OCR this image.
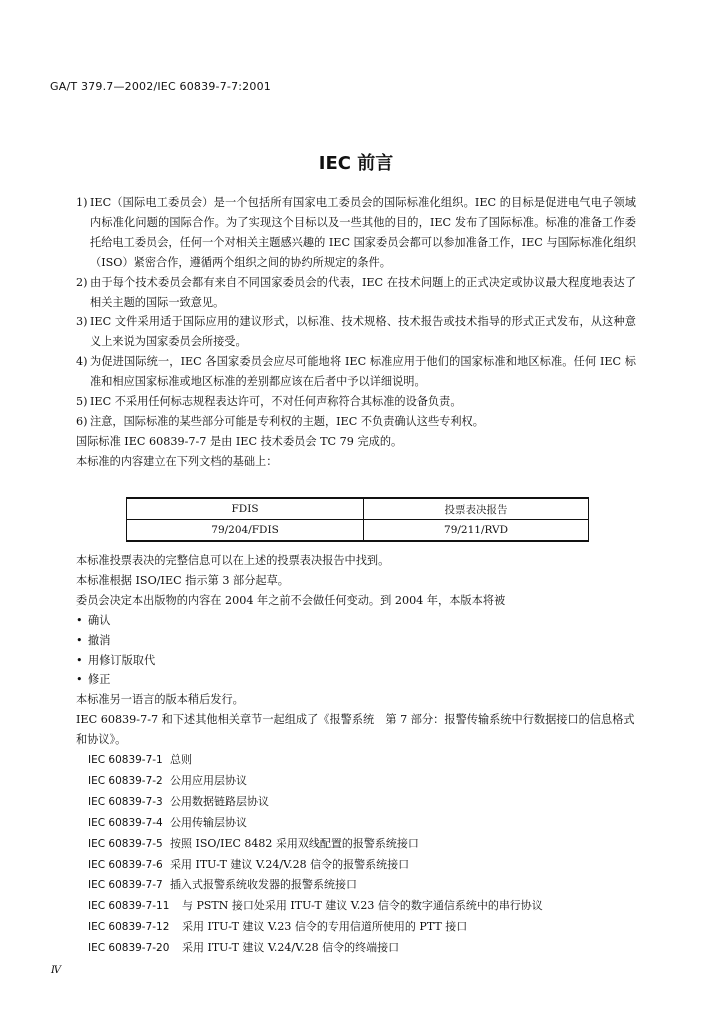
GA/T 379.7—2002/IEC 60839-7-7:2001
IEC 前言
1) IEC（国际电工委员会）是一个包括所有国家电工委员会的国际标准化组织。IEC 的目标是促进电气电子领域内标准化问题的国际合作。为了实现这个目标以及一些其他的目的，IEC 发布了国际标准。标准的准备工作委托给电工委员会，任何一个对相关主题感兴趣的 IEC 国家委员会都可以参加准备工作，IEC 与国际标准化组织（ISO）紧密合作，遵循两个组织之间的协约所规定的条件。
2) 由于每个技术委员会都有来自不同国家委员会的代表，IEC 在技术问题上的正式决定或协议最大程度地表达了相关主题的国际一致意见。
3) IEC 文件采用适于国际应用的建议形式，以标准、技术规格、技术报告或技术指导的形式正式发布，从这种意义上来说为国家委员会所接受。
4) 为促进国际统一，IEC 各国家委员会应尽可能地将 IEC 标准应用于他们的国家标准和地区标准。任何 IEC 标准和相应国家标准或地区标准的差别都应该在后者中予以详细说明。
5) IEC 不采用任何标志规程表达许可，不对任何声称符合其标准的设备负责。
6) 注意，国际标准的某些部分可能是专利权的主题，IEC 不负责确认这些专利权。

国际标准 IEC 60839-7-7 是由 IEC 技术委员会 TC 79 完成的。

本标准的内容建立在下列文档的基础上：

FDIS	投票表决报告
79/204/FDIS	79/211/RVD

本标准投票表决的完整信息可以在上述的投票表决报告中找到。

本标准根据 ISO/IEC 指示第 3 部分起草。

委员会决定本出版物的内容在 2004 年之前不会做任何变动。到 2004 年，本版本将被

• 确认

• 撤消

• 用修订版取代

• 修正

本标准另一语言的版本稍后发行。

IEC 60839-7-7 和下述其他相关章节一起组成了《报警系统　第 7 部分：报警传输系统中行数据接口的信息格式和协议》。

IEC 60839-7-1 总则
IEC 60839-7-2 公用应用层协议
IEC 60839-7-3 公用数据链路层协议
IEC 60839-7-4 公用传输层协议
IEC 60839-7-5 按照 ISO/IEC 8482 采用双线配置的报警系统接口
IEC 60839-7-6 采用 ITU-T 建议 V.24/V.28 信令的报警系统接口
IEC 60839-7-7 插入式报警系统收发器的报警系统接口
IEC 60839-7-11	与 PSTN 接口处采用 ITU-T 建议 V.23 信令的数字通信系统中的串行协议
IEC 60839-7-12	采用 ITU-T 建议 V.23 信令的专用信道所使用的 PTT 接口
IEC 60839-7-20	采用 ITU-T 建议 V.24/V.28 信令的终端接口
Ⅳ
